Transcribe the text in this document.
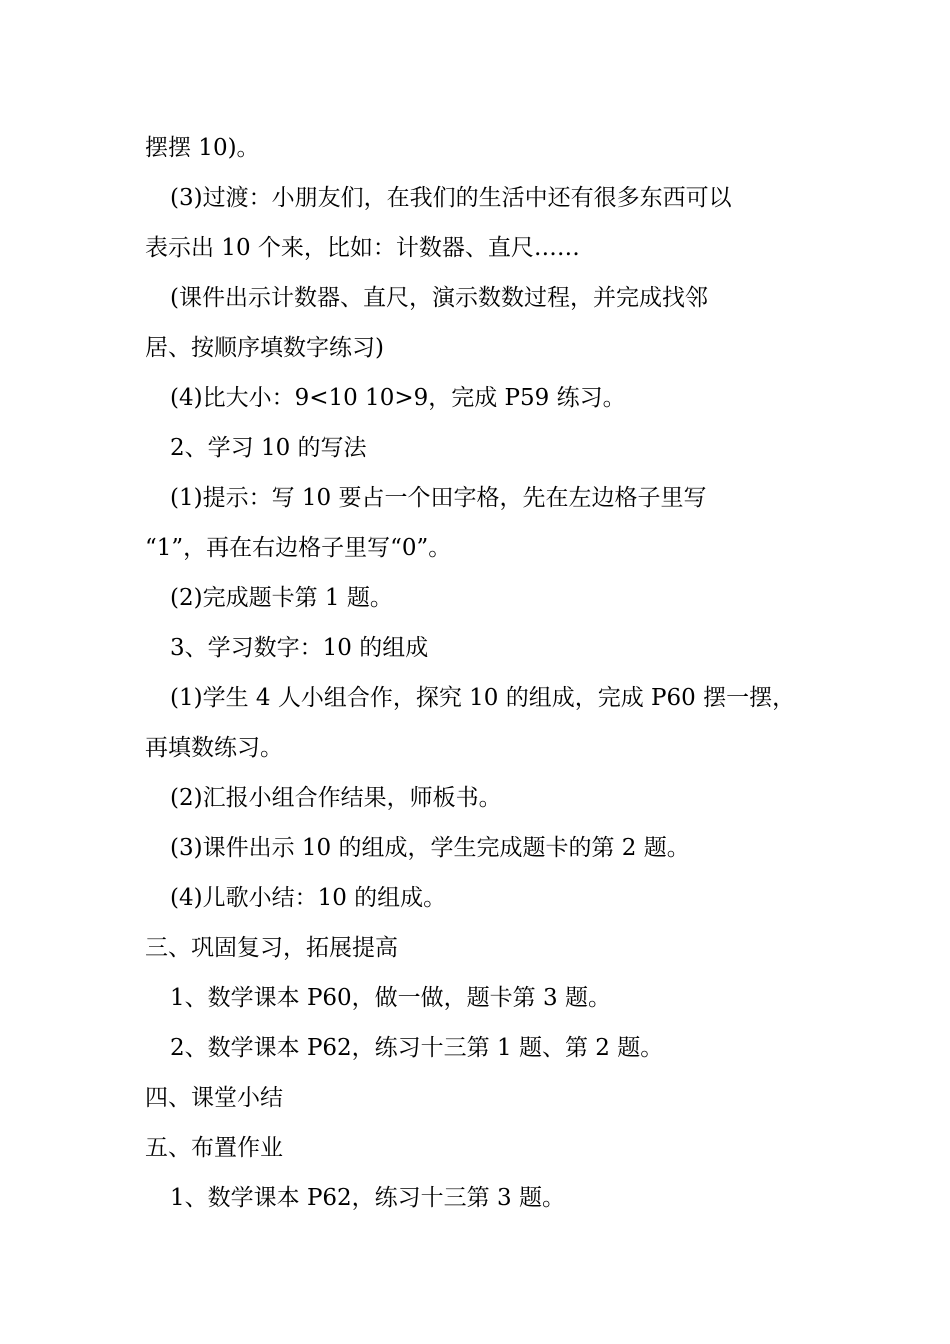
摆摆 10)。
(3)过渡：小朋友们，在我们的生活中还有很多东西可以
表示出 10 个来，比如：计数器、直尺……
(课件出示计数器、直尺，演示数数过程，并完成找邻
居、按顺序填数字练习)
(4)比大小：9<10 10>9，完成 P59 练习。
2、学习 10 的写法
(1)提示：写 10 要占一个田字格，先在左边格子里写
“1”，再在右边格子里写“0”。
(2)完成题卡第 1 题。
3、学习数字：10 的组成
(1)学生 4 人小组合作，探究 10 的组成，完成 P60 摆一摆，
再填数练习。
(2)汇报小组合作结果，师板书。
(3)课件出示 10 的组成，学生完成题卡的第 2 题。
(4)儿歌小结：10 的组成。
三、巩固复习，拓展提高
1、数学课本 P60，做一做，题卡第 3 题。
2、数学课本 P62，练习十三第 1 题、第 2 题。
四、课堂小结
五、布置作业
1、数学课本 P62，练习十三第 3 题。
